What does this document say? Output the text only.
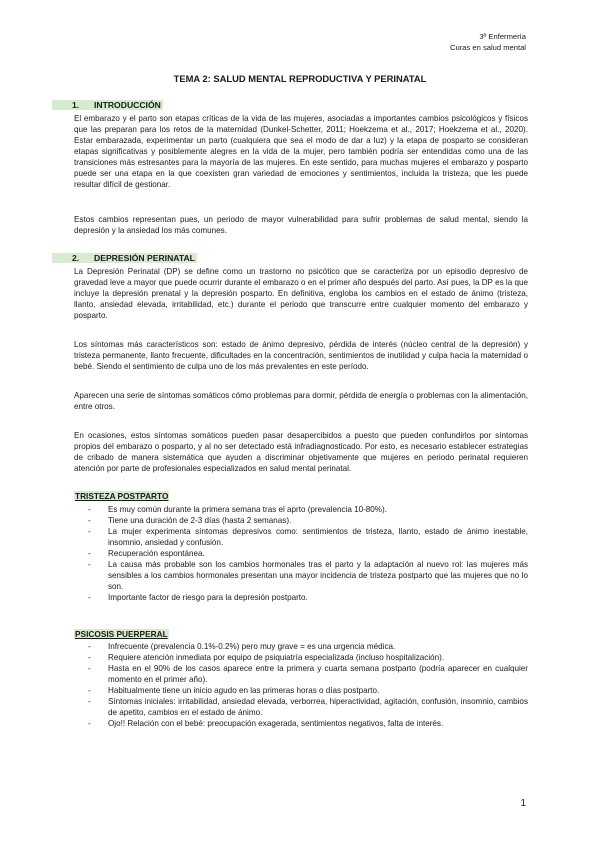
3º Enfermería
Curas en salud mental
TEMA 2: SALUD MENTAL REPRODUCTIVA Y PERINATAL
1. INTRODUCCIÓN

El embarazo y el parto son etapas críticas de la vida de las mujeres, asociadas a importantes cambios psicológicos y físicos que las preparan para los retos de la maternidad (Dunkel-Schetter, 2011; Hoekzema et al., 2017; Hoekzema et al., 2020). Estar embarazada, experimentar un parto (cualquiera que sea el modo de dar a luz) y la etapa de posparto se consideran etapas significativas y posiblemente alegres en la vida de la mujer, pero también podría ser entendidas como una de las transiciones más estresantes para la mayoría de las mujeres. En este sentido, para muchas mujeres el embarazo y posparto puede ser una etapa en la que coexisten gran variedad de emociones y sentimientos, incluida la tristeza, que les puede resultar difícil de gestionar.

Estos cambios representan pues, un periodo de mayor vulnerabilidad para sufrir problemas de salud mental, siendo la depresión y la ansiedad los más comunes.

2. DEPRESIÓN PERINATAL

La Depresión Perinatal (DP) se define como un trastorno no psicótico que se caracteriza por un episodio depresivo de gravedad leve a mayor que puede ocurrir durante el embarazo o en el primer año después del parto. Así pues, la DP es la que incluye la depresión prenatal y la depresión posparto. En definitiva, engloba los cambios en el estado de ánimo (tristeza, llanto, ansiedad elevada, irritabilidad, etc.) durante el periodo que transcurre entre cualquier momento del embarazo y posparto.

Los síntomas más característicos son: estado de ánimo depresivo, pérdida de interés (núcleo central de la depresión) y tristeza permanente, llanto frecuente, dificultades en la concentración, sentimientos de inutilidad y culpa hacia la maternidad o bebé. Siendo el sentimiento de culpa uno de los más prevalentes en este período.

Aparecen una serie de síntomas somáticos cómo problemas para dormir, pérdida de energía o problemas con la alimentación, entre otros.

En ocasiones, estos síntomas somáticos pueden pasar desapercibidos a puesto que pueden confundirlos por síntomas propios del embarazo o posparto, y al no ser detectado está infradiagnosticado. Por esto, es necesario establecer estrategias de cribado de manera sistemática que ayuden a discriminar objetivamente que mujeres en periodo perinatal requieren atención por parte de profesionales especializados en salud mental perinatal.

TRISTEZA POSTPARTO
- Es muy común durante la primera semana tras el aprto (prevalencia 10-80%).
- Tiene una duración de 2-3 días (hasta 2 semanas).
- La mujer experimenta síntomas depresivos como: sentimientos de tristeza, llanto, estado de ánimo inestable, insomnio, ansiedad y confusión.
- Recuperación espontánea.
- La causa más probable son los cambios hormonales tras el parto y la adaptación al nuevo rol: las mujeres más sensibles a los cambios hormonales presentan una mayor incidencia de tristeza postparto que las mujeres que no lo son.
- Importante factor de riesgo para la depresión postparto.
PSICOSIS PUERPERAL
- Infrecuente (prevalencia 0.1%-0.2%) pero muy grave = es una urgencia médica.
- Requiere atención inmediata por equipo de psiquiatría especializada (incluso hospitalización).
- Hasta en el 90% de los casos aparece entre la primera y cuarta semana postparto (podría aparecer en cualquier momento en el primer año).
- Habitualmente tiene un inicio agudo en las primeras horas o días postparto.
- Síntomas iniciales: irritabilidad, ansiedad elevada, verborrea, hiperactividad, agitación, confusión, insomnio, cambios de apetito, cambios en el estado de ánimo.
- Ojo!! Relación con el bebé: preocupación exagerada, sentimientos negativos, falta de interés.
1
